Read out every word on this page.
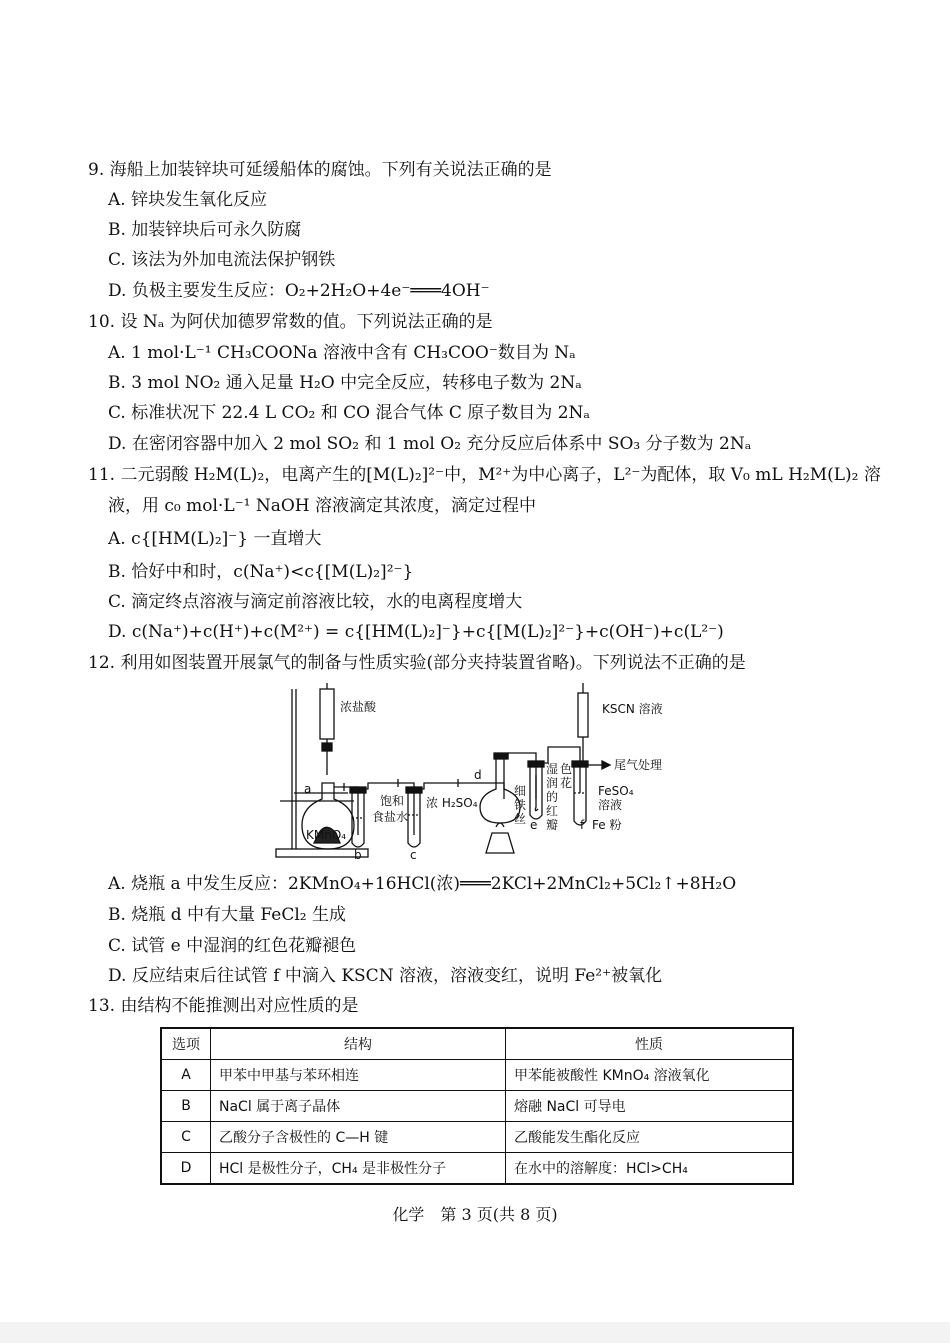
9. 海船上加装锌块可延缓船体的腐蚀。下列有关说法正确的是
A. 锌块发生氧化反应
B. 加装锌块后可永久防腐
C. 该法为外加电流法保护钢铁
D. 负极主要发生反应：O₂+2H₂O+4e⁻═══4OH⁻
10. 设 Nₐ 为阿伏加德罗常数的值。下列说法正确的是
A. 1 mol·L⁻¹ CH₃COONa 溶液中含有 CH₃COO⁻数目为 Nₐ
B. 3 mol NO₂ 通入足量 H₂O 中完全反应，转移电子数为 2Nₐ
C. 标准状况下 22.4 L CO₂ 和 CO 混合气体 C 原子数目为 2Nₐ
D. 在密闭容器中加入 2 mol SO₂ 和 1 mol O₂ 充分反应后体系中 SO₃ 分子数为 2Nₐ
11. 二元弱酸 H₂M(L)₂，电离产生的[M(L)₂]²⁻中，M²⁺为中心离子，L²⁻为配体，取 V₀ mL H₂M(L)₂ 溶
液，用 c₀ mol·L⁻¹ NaOH 溶液滴定其浓度，滴定过程中
A. c{[HM(L)₂]⁻} 一直增大
B. 恰好中和时，c(Na⁺)<c{[M(L)₂]²⁻}
C. 滴定终点溶液与滴定前溶液比较，水的电离程度增大
D. c(Na⁺)+c(H⁺)+c(M²⁺) = c{[HM(L)₂]⁻}+c{[M(L)₂]²⁻}+c(OH⁻)+c(L²⁻)
12. 利用如图装置开展氯气的制备与性质实验(部分夹持装置省略)。下列说法不正确的是
浓盐酸	KSCN 溶液
尾气处理
a
KMnO₄
b
饱和
食盐水
c
浓 H₂SO₄
d
细
铁
丝 e
湿
润
的
红
色
花
瓣
FeSO₄
溶液
f Fe 粉
A. 烧瓶 a 中发生反应：2KMnO₄+16HCl(浓)═══2KCl+2MnCl₂+5Cl₂↑+8H₂O
B. 烧瓶 d 中有大量 FeCl₂ 生成
C. 试管 e 中湿润的红色花瓣褪色
D. 反应结束后往试管 f 中滴入 KSCN 溶液，溶液变红，说明 Fe²⁺被氧化
13. 由结构不能推测出对应性质的是
选项	结构	性质
A	甲苯中甲基与苯环相连	甲苯能被酸性 KMnO₄ 溶液氧化
B	NaCl 属于离子晶体	熔融 NaCl 可导电
C	乙酸分子含极性的 C—H 键	乙酸能发生酯化反应
D	HCl 是极性分子，CH₄ 是非极性分子	在水中的溶解度：HCl>CH₄
化学　第 3 页(共 8 页)
